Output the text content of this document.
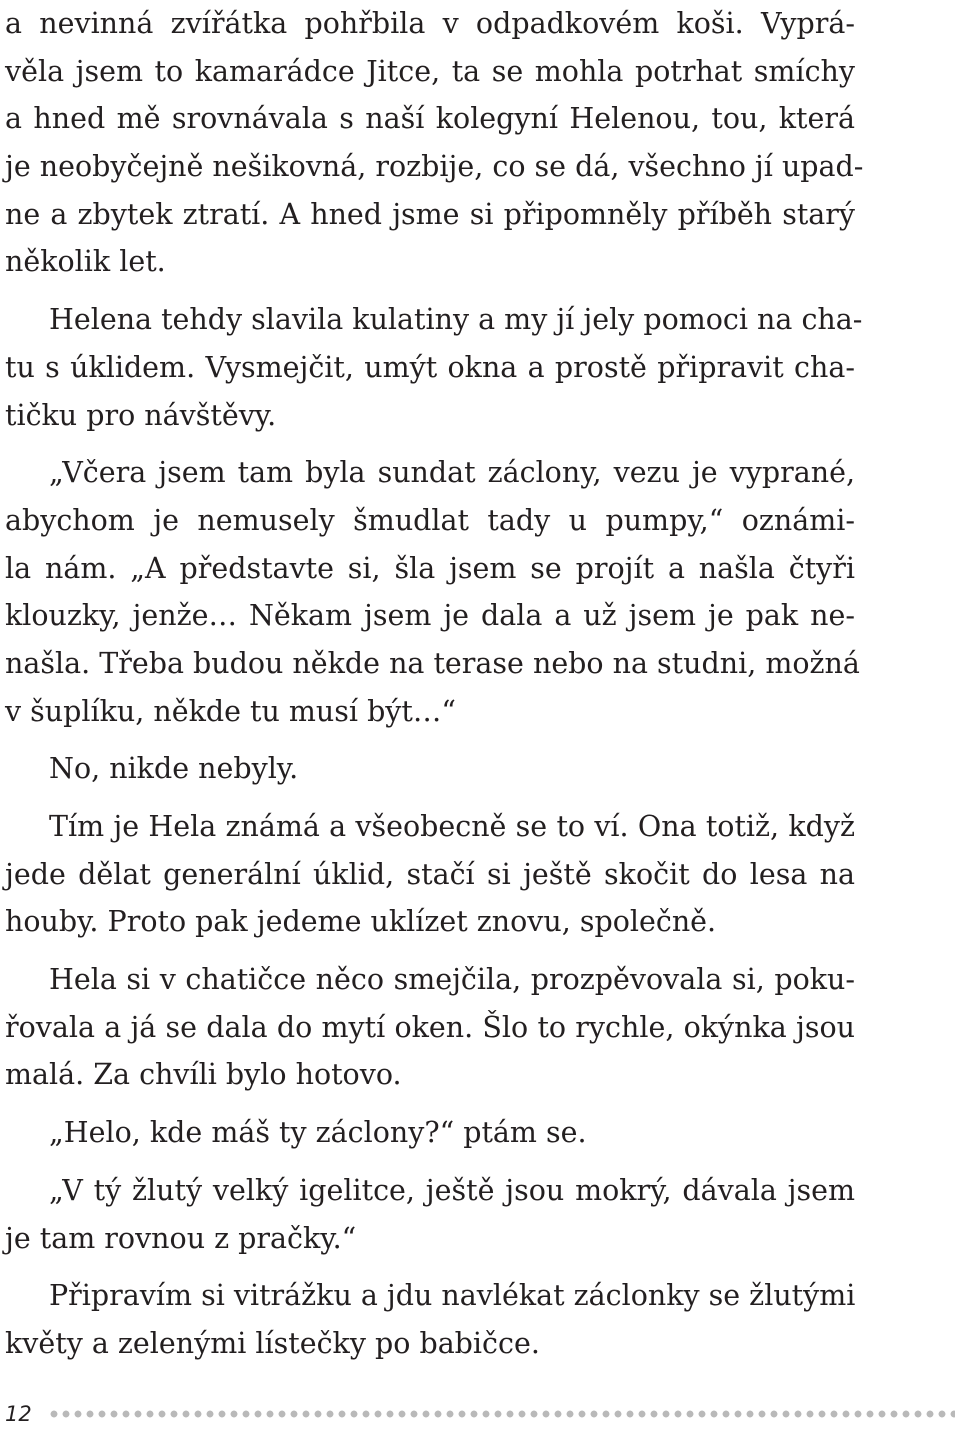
a nevinná zvířátka pohřbila v odpadkovém koši. Vyprá-
věla jsem to kamarádce Jitce, ta se mohla potrhat smíchy
a hned mě srovnávala s naší kolegyní Helenou, tou, která
je neobyčejně nešikovná, rozbije, co se dá, všechno jí upad-
ne a zbytek ztratí. A hned jsme si připomněly příběh starý
několik let.
Helena tehdy slavila kulatiny a my jí jely pomoci na cha-
tu s úklidem. Vysmejčit, umýt okna a prostě připravit cha-
tičku pro návštěvy.
„Včera jsem tam byla sundat záclony, vezu je vyprané,
abychom je nemusely šmudlat tady u pumpy,“ oznámi-
la nám. „A představte si, šla jsem se projít a našla čtyři
klouzky, jenže… Někam jsem je dala a už jsem je pak ne-
našla. Třeba budou někde na terase nebo na studni, možná
v šuplíku, někde tu musí být…“
No, nikde nebyly.
Tím je Hela známá a všeobecně se to ví. Ona totiž, když
jede dělat generální úklid, stačí si ještě skočit do lesa na
houby. Proto pak jedeme uklízet znovu, společně.
Hela si v chatičce něco smejčila, prozpěvovala si, poku-
řovala a já se dala do mytí oken. Šlo to rychle, okýnka jsou
malá. Za chvíli bylo hotovo.
„Helo, kde máš ty záclony?“ ptám se.
„V tý žlutý velký igelitce, ještě jsou mokrý, dávala jsem
je tam rovnou z pračky.“
Připravím si vitrážku a jdu navlékat záclonky se žlutými
květy a zelenými lístečky po babičce.
12
